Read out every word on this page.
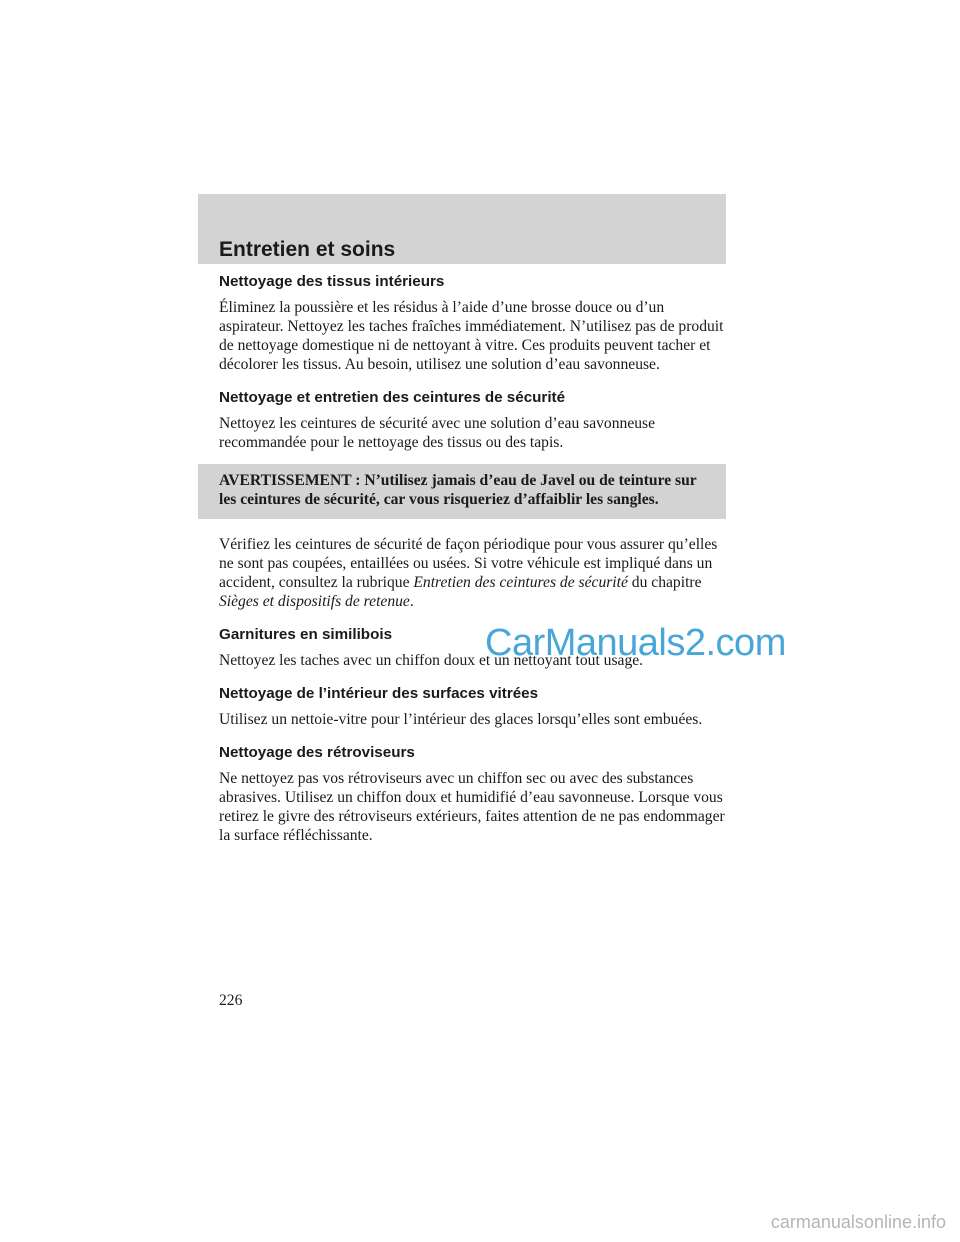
Entretien et soins
Nettoyage des tissus intérieurs
Éliminez la poussière et les résidus à l’aide d’une brosse douce ou d’un aspirateur. Nettoyez les taches fraîches immédiatement. N’utilisez pas de produit de nettoyage domestique ni de nettoyant à vitre. Ces produits peuvent tacher et décolorer les tissus. Au besoin, utilisez une solution d’eau savonneuse.
Nettoyage et entretien des ceintures de sécurité
Nettoyez les ceintures de sécurité avec une solution d’eau savonneuse recommandée pour le nettoyage des tissus ou des tapis.
AVERTISSEMENT : N’utilisez jamais d’eau de Javel ou de teinture sur les ceintures de sécurité, car vous risqueriez d’affaiblir les sangles.
Vérifiez les ceintures de sécurité de façon périodique pour vous assurer qu’elles ne sont pas coupées, entaillées ou usées. Si votre véhicule est impliqué dans un accident, consultez la rubrique Entretien des ceintures de sécurité du chapitre Sièges et dispositifs de retenue.
Garnitures en similibois
Nettoyez les taches avec un chiffon doux et un nettoyant tout usage.
Nettoyage de l’intérieur des surfaces vitrées
Utilisez un nettoie-vitre pour l’intérieur des glaces lorsqu’elles sont embuées.
Nettoyage des rétroviseurs
Ne nettoyez pas vos rétroviseurs avec un chiffon sec ou avec des substances abrasives. Utilisez un chiffon doux et humidifié d’eau savonneuse. Lorsque vous retirez le givre des rétroviseurs extérieurs, faites attention de ne pas endommager la surface réfléchissante.
226
CarManuals2.com
carmanualsonline.info
